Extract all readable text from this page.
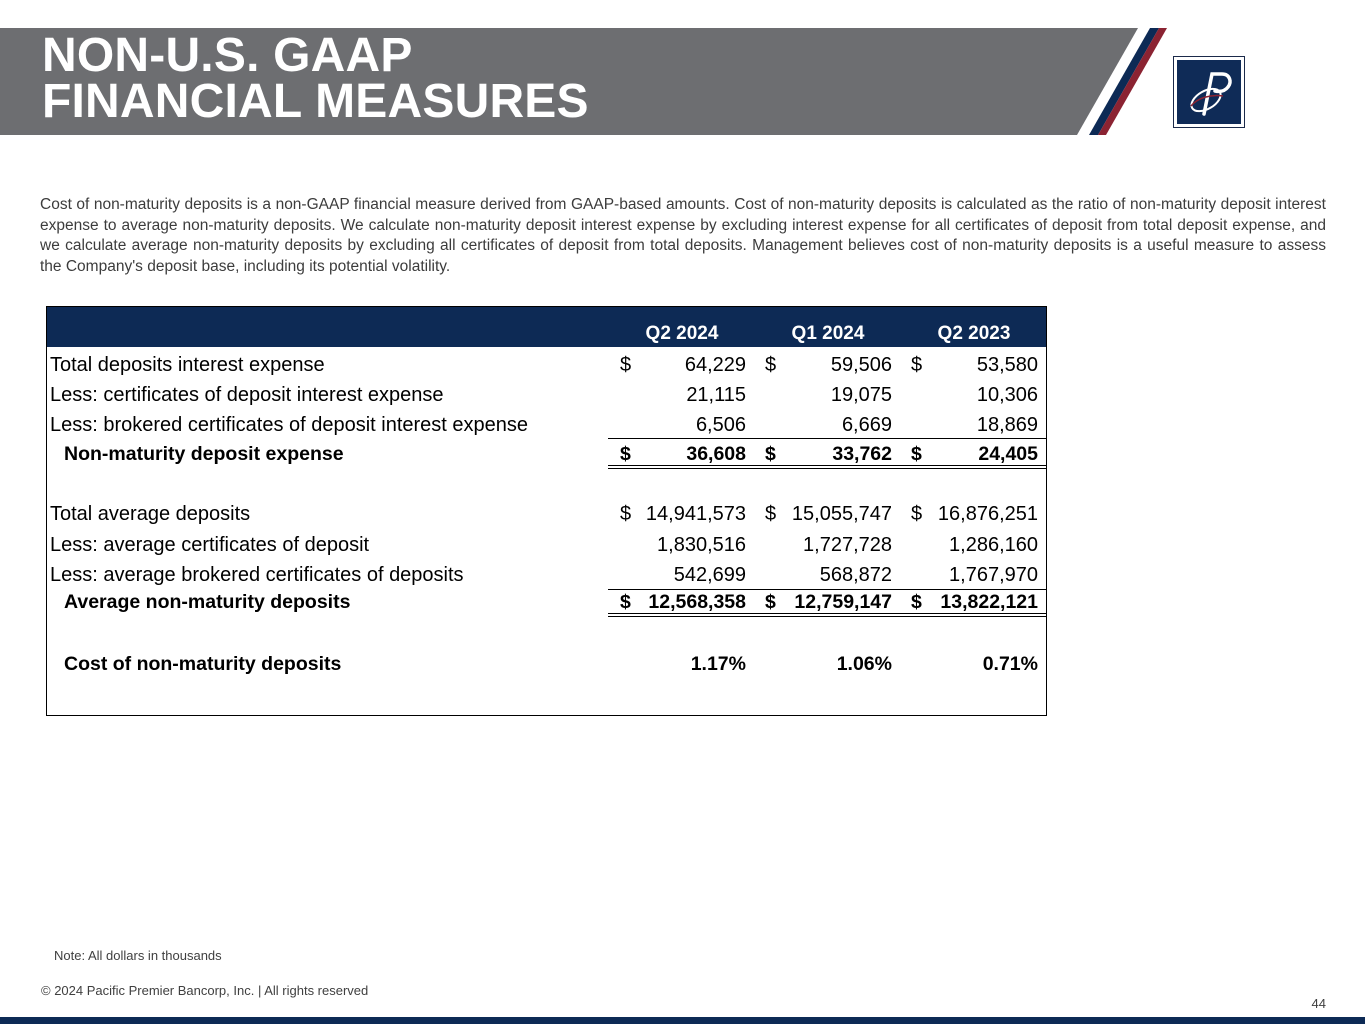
NON-U.S. GAAP
FINANCIAL MEASURES

Cost of non-maturity deposits is a non-GAAP financial measure derived from GAAP-based amounts. Cost of non-maturity deposits is calculated as the ratio of non-maturity deposit interest expense to average non-maturity deposits. We calculate non-maturity deposit interest expense by excluding interest expense for all certificates of deposit from total deposit expense, and we calculate average non-maturity deposits by excluding all certificates of deposit from total deposits. Management believes cost of non-maturity deposits is a useful measure to assess the Company's deposit base, including its potential volatility.

Q2 2024	Q1 2024	Q2 2023
Total deposits interest expense	$	64,229 $	59,506 $	53,580
Less: certificates of deposit interest expense	21,115	19,075	10,306
Less: brokered certificates of deposit interest expense	6,506	6,669	18,869
Non-maturity deposit expense	$	36,608 $	33,762 $	24,405
Total average deposits	$ 14,941,573 $ 15,055,747 $ 16,876,251
Less: average certificates of deposit	1,830,516	1,727,728	1,286,160
Less: average brokered certificates of deposits	542,699	568,872	1,767,970
Average non-maturity deposits	$ 12,568,358 $ 12,759,147 $ 13,822,121
Cost of non-maturity deposits	1.17%	1.06%	0.71%
Note: All dollars in thousands
© 2024 Pacific Premier Bancorp, Inc. | All rights reserved
44
